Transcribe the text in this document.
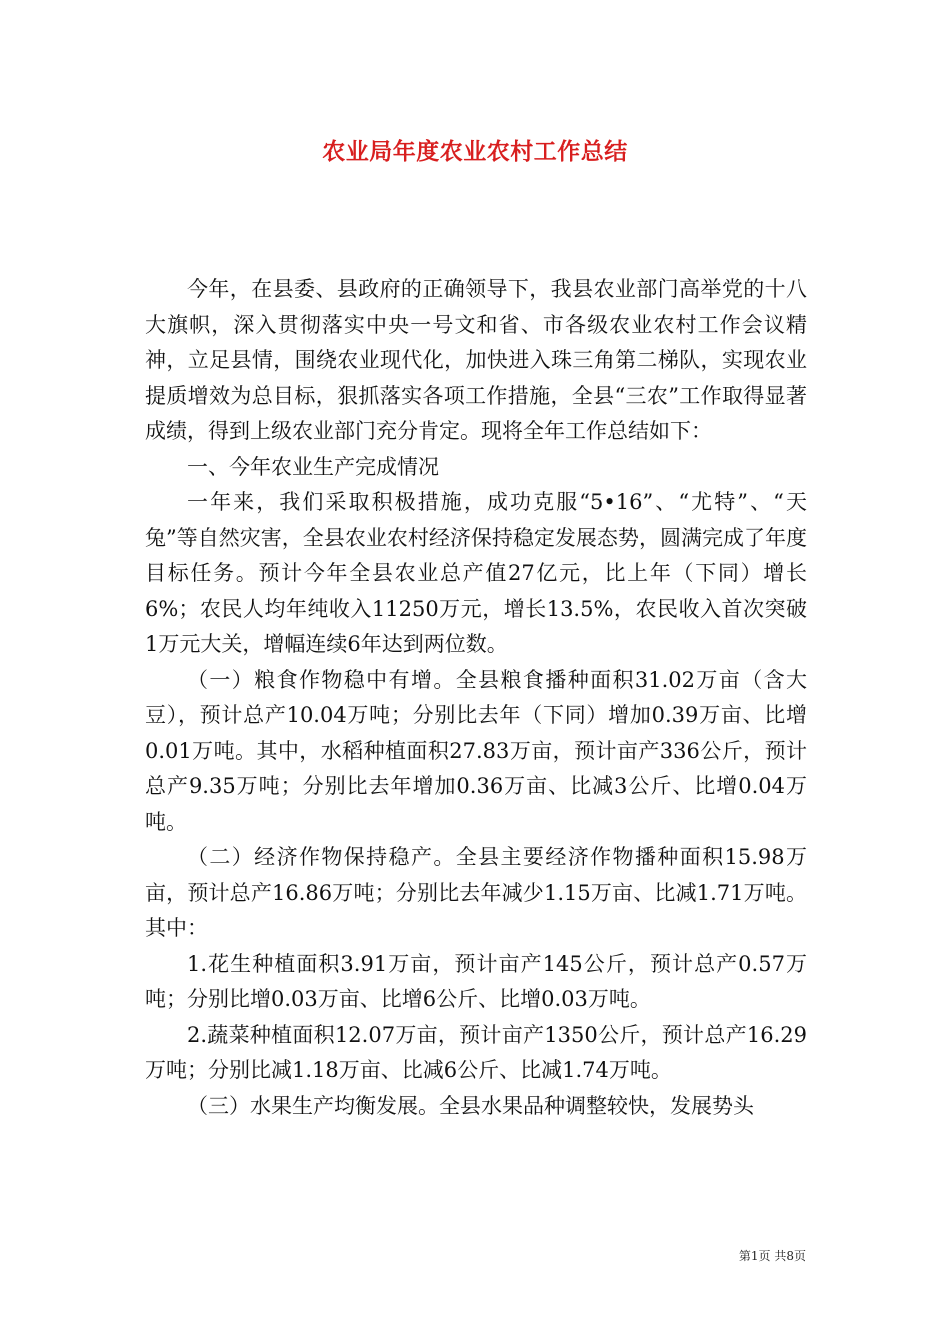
农业局年度农业农村工作总结

今年，在县委、县政府的正确领导下，我县农业部门高举党的十八大旗帜，深入贯彻落实中央一号文和省、市各级农业农村工作会议精神，立足县情，围绕农业现代化，加快进入珠三角第二梯队，实现农业提质增效为总目标，狠抓落实各项工作措施，全县“三农”工作取得显著成绩，得到上级农业部门充分肯定。现将全年工作总结如下：

一、今年农业生产完成情况

一年来，我们采取积极措施，成功克服“5•16”、“尤特”、“天兔”等自然灾害，全县农业农村经济保持稳定发展态势，圆满完成了年度目标任务。预计今年全县农业总产值27亿元，比上年（下同）增长6%；农民人均年纯收入11250万元，增长13.5%，农民收入首次突破1万元大关，增幅连续6年达到两位数。

（一）粮食作物稳中有增。全县粮食播种面积31.02万亩（含大豆），预计总产10.04万吨；分别比去年（下同）增加0.39万亩、比增0.01万吨。其中，水稻种植面积27.83万亩，预计亩产336公斤，预计总产9.35万吨；分别比去年增加0.36万亩、比减3公斤、比增0.04万吨。

（二）经济作物保持稳产。全县主要经济作物播种面积15.98万亩，预计总产16.86万吨；分别比去年减少1.15万亩、比减1.71万吨。其中：

1.花生种植面积3.91万亩，预计亩产145公斤，预计总产0.57万吨；分别比增0.03万亩、比增6公斤、比增0.03万吨。

2.蔬菜种植面积12.07万亩，预计亩产1350公斤，预计总产16.29万吨；分别比减1.18万亩、比减6公斤、比减1.74万吨。

（三）水果生产均衡发展。全县水果品种调整较快，发展势头

第1页 共8页
